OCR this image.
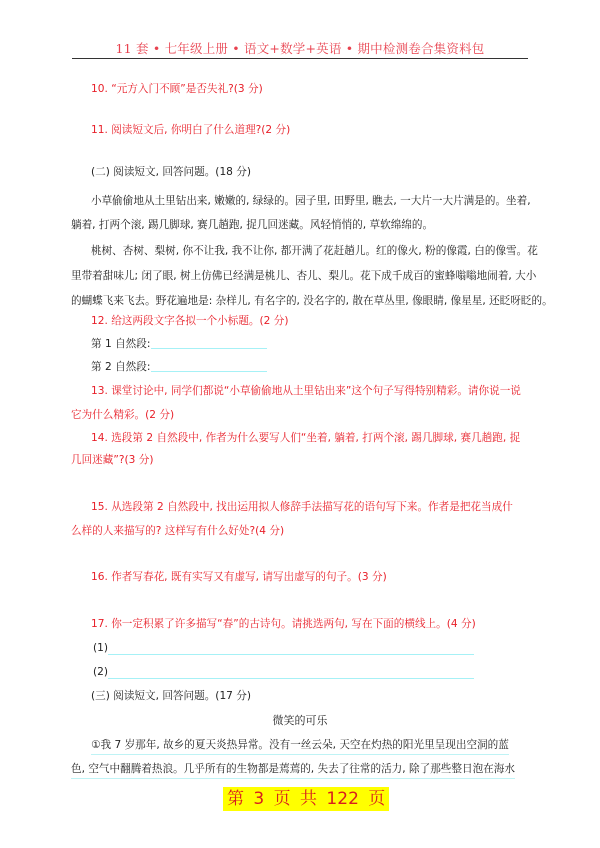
11 套 • 七年级上册 • 语文+数学+英语 • 期中检测卷合集资料包
10. “元方入门不顾”是否失礼?(3 分)
11. 阅读短文后, 你明白了什么道理?(2 分)
(二) 阅读短文, 回答问题。(18 分)
小草偷偷地从土里钻出来, 嫩嫩的, 绿绿的。园子里, 田野里, 瞧去, 一大片一大片满是的。坐着,
躺着, 打两个滚, 踢几脚球, 赛几趟跑, 捉几回迷藏。风轻悄悄的, 草软绵绵的。
桃树、杏树、梨树, 你不让我, 我不让你, 都开满了花赶趟儿。红的像火, 粉的像霞, 白的像雪。花
里带着甜味儿; 闭了眼, 树上仿佛已经满是桃儿、杏儿、梨儿。花下成千成百的蜜蜂嗡嗡地闹着, 大小
的蝴蝶飞来飞去。野花遍地是: 杂样儿, 有名字的, 没名字的, 散在草丛里, 像眼睛, 像星星, 还眨呀眨的。
12. 给这两段文字各拟一个小标题。(2 分)
第 1 自然段:
第 2 自然段:
13. 课堂讨论中, 同学们都说“小草偷偷地从土里钻出来”这个句子写得特别精彩。请你说一说
它为什么精彩。(2 分)
14. 选段第 2 自然段中, 作者为什么要写人们“坐着, 躺着, 打两个滚, 踢几脚球, 赛几趟跑, 捉
几回迷藏”?(3 分)
15. 从选段第 2 自然段中, 找出运用拟人修辞手法描写花的语句写下来。作者是把花当成什
么样的人来描写的? 这样写有什么好处?(4 分)
16. 作者写春花, 既有实写又有虚写, 请写出虚写的句子。(3 分)
17. 你一定积累了许多描写“春”的古诗句。请挑选两句, 写在下面的横线上。(4 分)
(1)
(2)
(三) 阅读短文, 回答问题。(17 分)
微笑的可乐
①我 7 岁那年, 故乡的夏天炎热异常。没有一丝云朵, 天空在灼热的阳光里呈现出空洞的蓝
色, 空气中翻腾着热浪。几乎所有的生物都是蔫蔫的, 失去了往常的活力, 除了那些整日泡在海水
第 3 页 共 122 页
